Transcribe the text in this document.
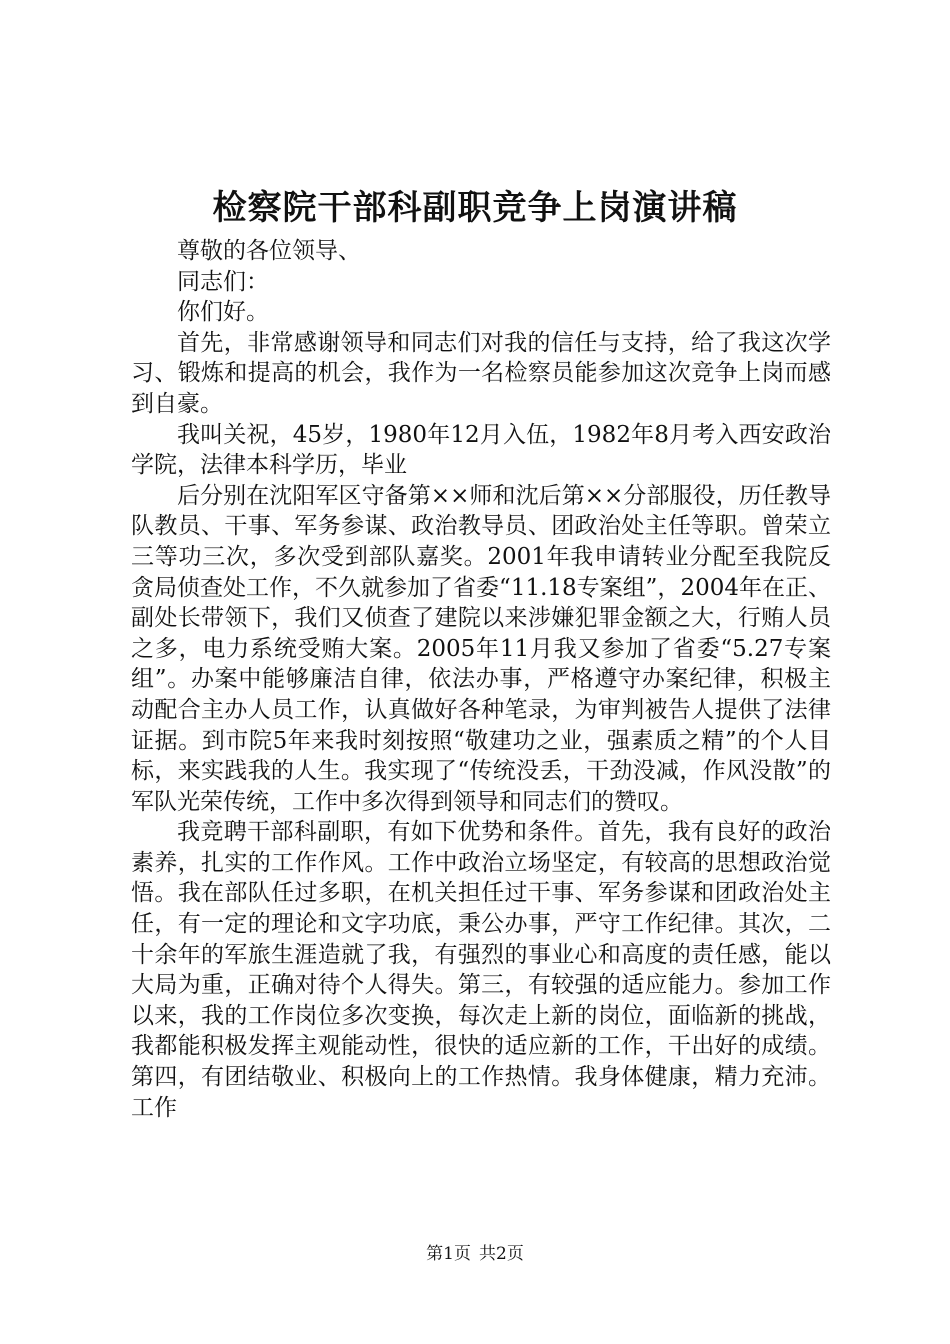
检察院干部科副职竞争上岗演讲稿

尊敬的各位领导、

同志们：

你们好。

首先，非常感谢领导和同志们对我的信任与支持，给了我这次学习、锻炼和提高的机会，我作为一名检察员能参加这次竞争上岗而感到自豪。

我叫关祝，45岁，1980年12月入伍，1982年8月考入西安政治学院，法律本科学历，毕业

后分别在沈阳军区守备第××师和沈后第××分部服役，历任教导队教员、干事、军务参谋、政治教导员、团政治处主任等职。曾荣立三等功三次，多次受到部队嘉奖。2001年我申请转业分配至我院反贪局侦查处工作，不久就参加了省委“11.18专案组”，2004年在正、副处长带领下，我们又侦查了建院以来涉嫌犯罪金额之大，行贿人员之多，电力系统受贿大案。2005年11月我又参加了省委“5.27专案组”。办案中能够廉洁自律，依法办事，严格遵守办案纪律，积极主动配合主办人员工作，认真做好各种笔录，为审判被告人提供了法律证据。到市院5年来我时刻按照“敬建功之业，强素质之精”的个人目标，来实践我的人生。我实现了“传统没丢，干劲没减，作风没散”的军队光荣传统，工作中多次得到领导和同志们的赞叹。

我竞聘干部科副职，有如下优势和条件。首先，我有良好的政治素养，扎实的工作作风。工作中政治立场坚定，有较高的思想政治觉悟。我在部队任过多职，在机关担任过干事、军务参谋和团政治处主任，有一定的理论和文字功底，秉公办事，严守工作纪律。其次，二十余年的军旅生涯造就了我，有强烈的事业心和高度的责任感，能以大局为重，正确对待个人得失。第三，有较强的适应能力。参加工作以来，我的工作岗位多次变换，每次走上新的岗位，面临新的挑战，我都能积极发挥主观能动性，很快的适应新的工作，干出好的成绩。第四，有团结敬业、积极向上的工作热情。我身体健康，精力充沛。工作

第1页 共2页
